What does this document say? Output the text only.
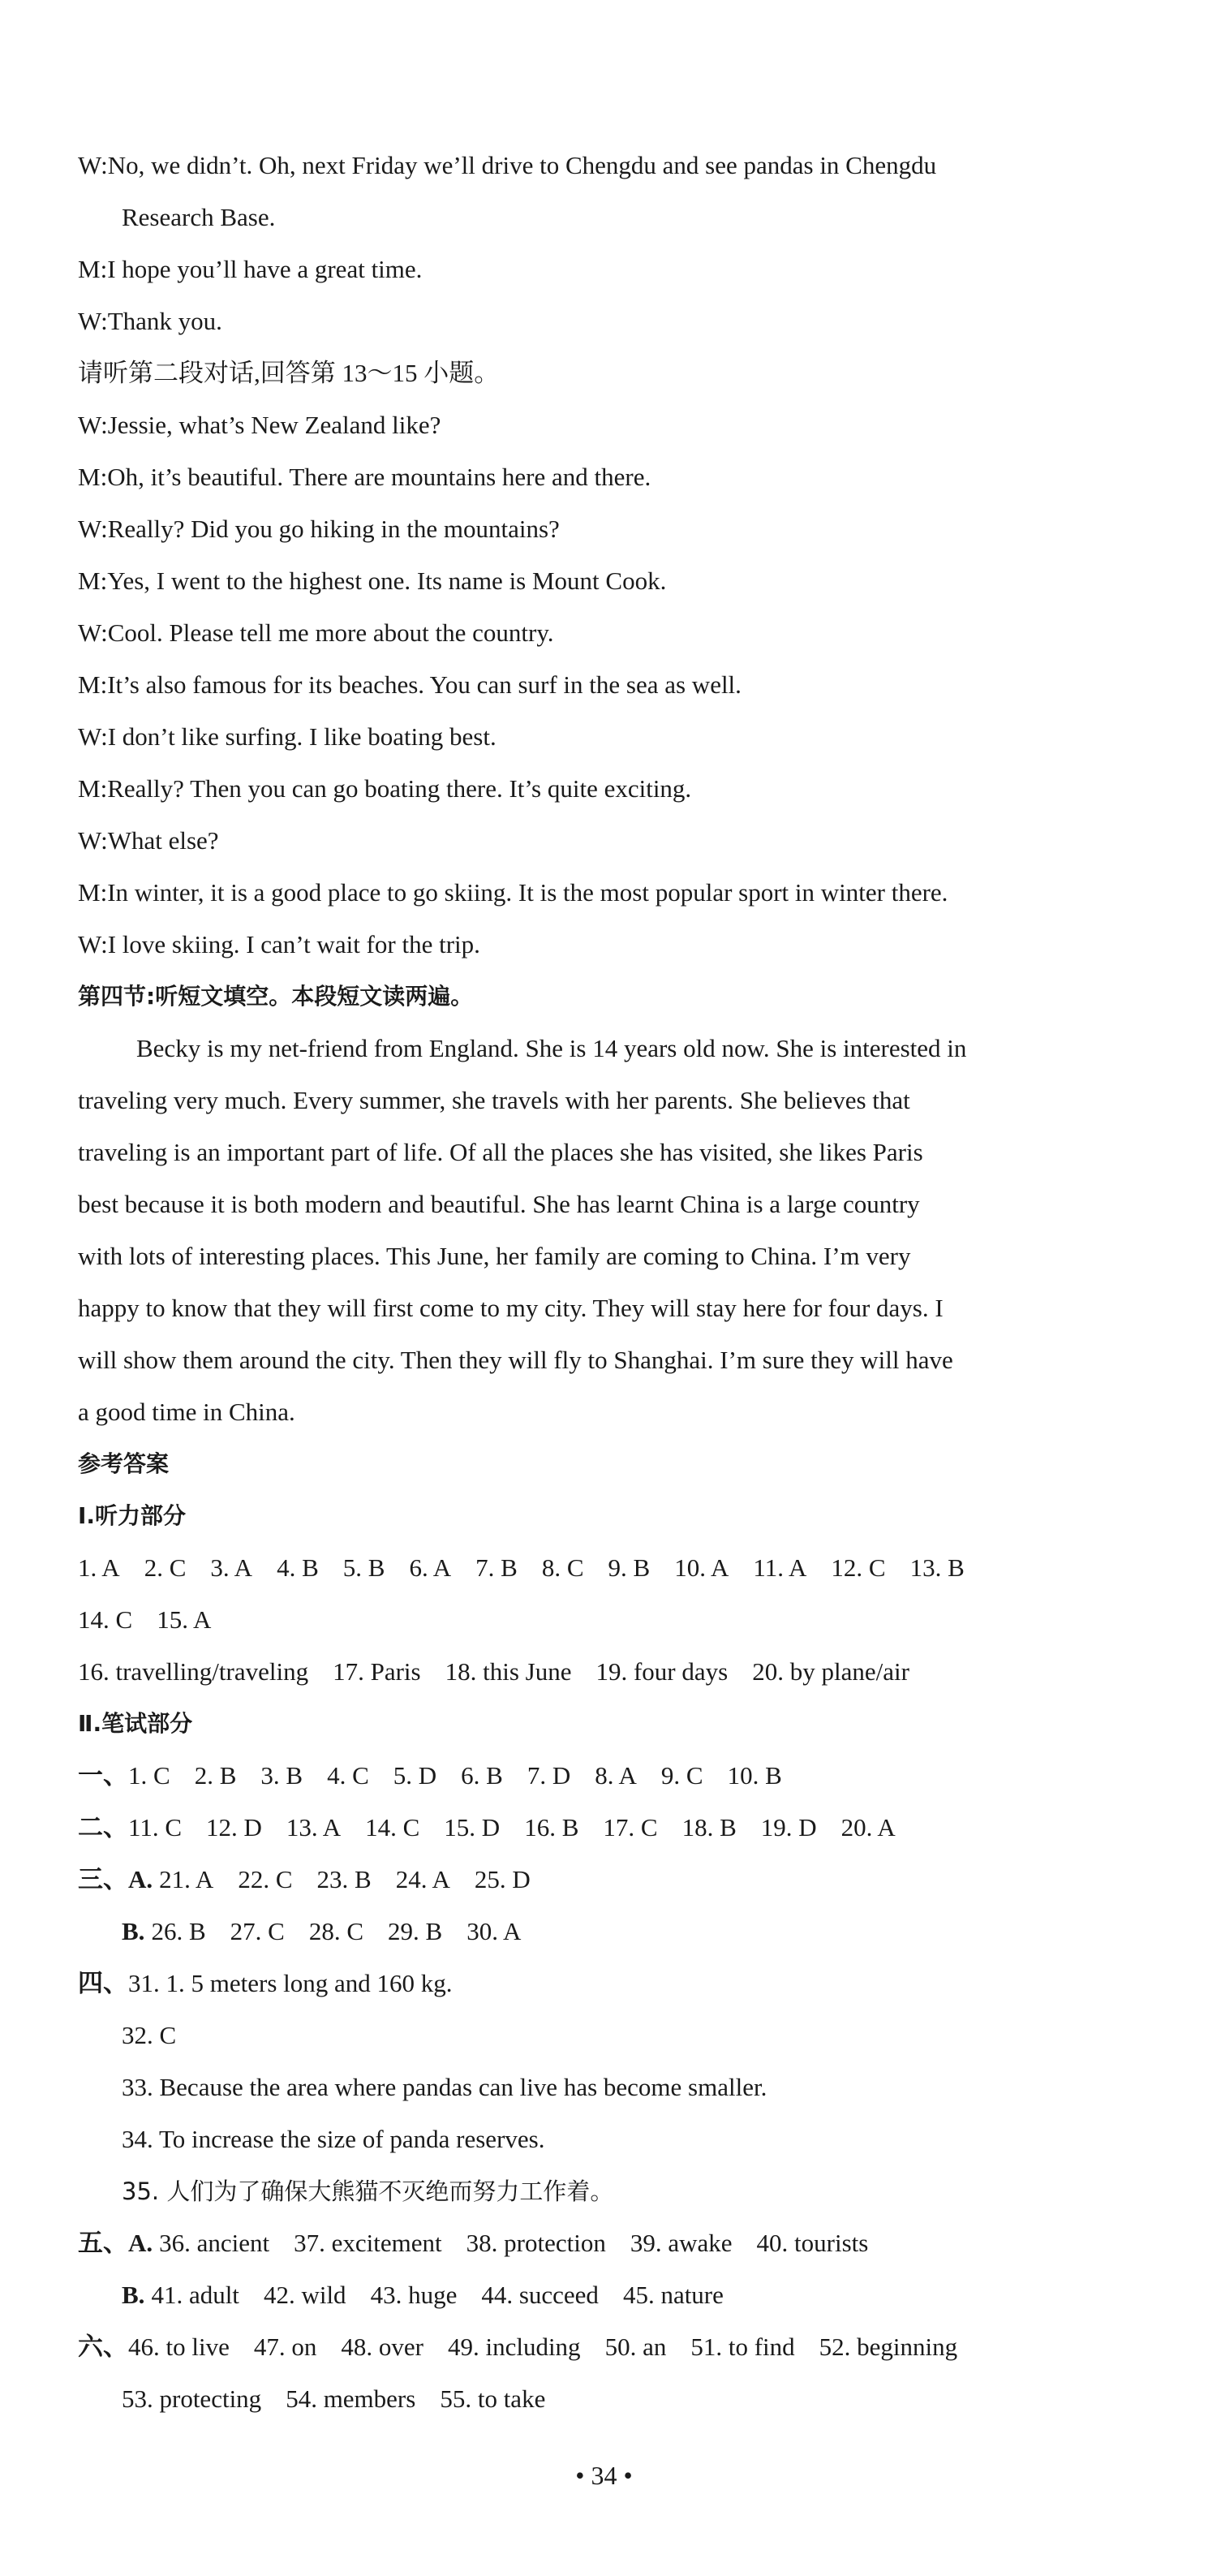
W:No, we didn’t. Oh, next Friday we’ll drive to Chengdu and see pandas in Chengdu
Research Base.
M:I hope you’ll have a great time.
W:Thank you.
请听第二段对话,回答第 13～15 小题。
W:Jessie, what’s New Zealand like?
M:Oh, it’s beautiful. There are mountains here and there.
W:Really? Did you go hiking in the mountains?
M:Yes, I went to the highest one. Its name is Mount Cook.
W:Cool. Please tell me more about the country.
M:It’s also famous for its beaches. You can surf in the sea as well.
W:I don’t like surfing. I like boating best.
M:Really? Then you can go boating there. It’s quite exciting.
W:What else?
M:In winter, it is a good place to go skiing. It is the most popular sport in winter there.
W:I love skiing. I can’t wait for the trip.
第四节:听短文填空。本段短文读两遍。
Becky is my net-friend from England. She is 14 years old now. She is interested in
traveling very much. Every summer, she travels with her parents. She believes that
traveling is an important part of life. Of all the places she has visited, she likes Paris
best because it is both modern and beautiful. She has learnt China is a large country
with lots of interesting places. This June, her family are coming to China. I’m very
happy to know that they will first come to my city. They will stay here for four days. I
will show them around the city. Then they will fly to Shanghai. I’m sure they will have
a good time in China.
参考答案
Ⅰ.听力部分
1. A 2. C 3. A 4. B 5. B 6. A 7. B 8. C 9. B 10. A 11. A 12. C 13. B
14. C 15. A
16. travelling/traveling 17. Paris 18. this June 19. four days 20. by plane/air
Ⅱ.笔试部分
一、1. C 2. B 3. B 4. C 5. D 6. B 7. D 8. A 9. C 10. B
二、11. C 12. D 13. A 14. C 15. D 16. B 17. C 18. B 19. D 20. A
三、A. 21. A 22. C 23. B 24. A 25. D
B. 26. B 27. C 28. C 29. B 30. A
四、31. 1. 5 meters long and 160 kg.
32. C
33. Because the area where pandas can live has become smaller.
34. To increase the size of panda reserves.
35. 人们为了确保大熊猫不灭绝而努力工作着。
五、A. 36. ancient 37. excitement 38. protection 39. awake 40. tourists
B. 41. adult 42. wild 43. huge 44. succeed 45. nature
六、46. to live 47. on 48. over 49. including 50. an 51. to find 52. beginning
53. protecting 54. members 55. to take
• 34 •
